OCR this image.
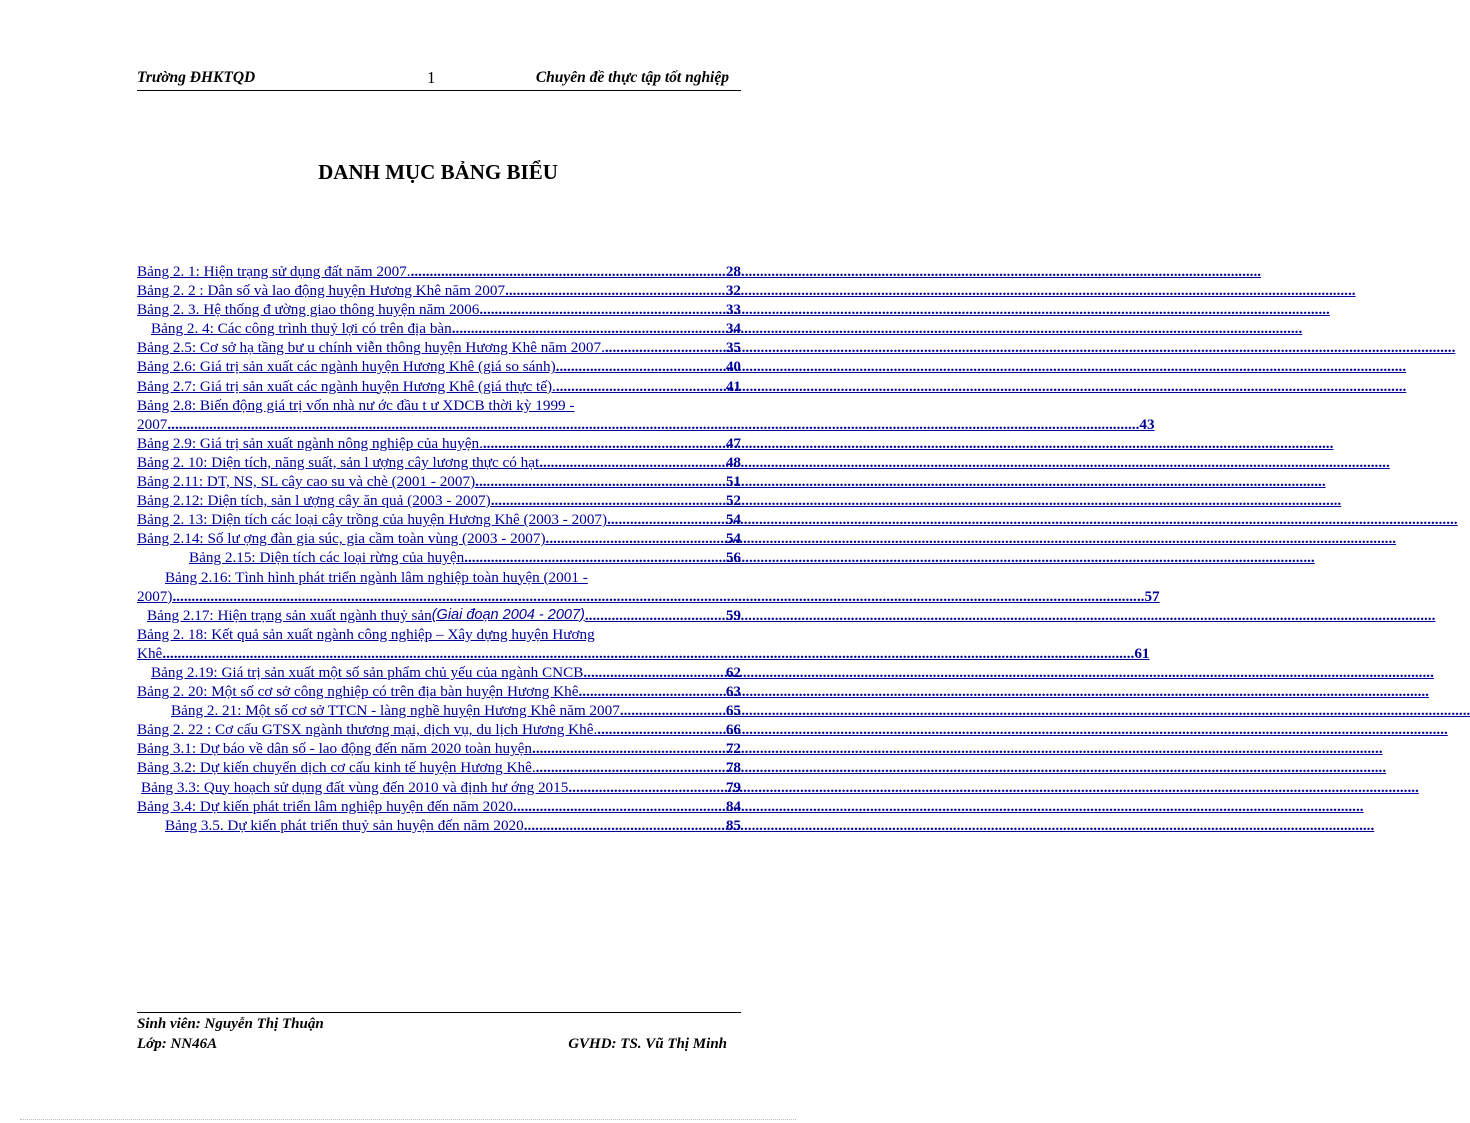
Trường ĐHKTQD	1	Chuyên đề thực tập tốt nghiệp
DANH MỤC BẢNG BIỂU
Bảng 2. 1: Hiện trạng sử dụng đất năm 2007. .....	28
Bảng 2. 2 : Dân số và lao động huyện Hương Khê năm 2007 .....	32
Bảng 2. 3. Hệ thống đ ường giao thông huyện năm 2006 .....	33
Bảng 2. 4: Các công trình thuỷ lợi có trên địa bàn .....	34
Bảng 2.5: Cơ sở hạ tầng bư u chính viễn thông huyện Hương Khê năm 2007. .....	35
Bảng 2.6: Giá trị sản xuất các ngành huyện Hương Khê (giá so sánh) .....	40
Bảng 2.7: Giá trị sản xuất các ngành huyện Hương Khê (giá thực tế). .....	41
Bảng 2.8: Biến động giá trị vốn nhà nư ớc đầu t ư XDCB thời kỳ 1999 -
2007 .....	43
Bảng 2.9: Giá trị sản xuất ngành nông nghiệp của huyện. .....	47
Bảng 2. 10: Diện tích, năng suất, sản l ượng cây lương thực có hạt .....	48
Bảng 2.11: DT, NS, SL cây cao su và chè (2001 - 2007) .....	51
Bảng 2.12: Diện tích, sản l ượng cây ăn quả (2003 - 2007) .....	52
Bảng 2. 13: Diện tích các loại cây trồng của huyện Hương Khê (2003 - 2007) .....	54
Bảng 2.14: Số lư ợng đàn gia súc, gia cầm toàn vùng (2003 - 2007) .....	54
Bảng 2.15: Diện tích các loại rừng của huyện .....	56
Bảng 2.16: Tình hình phát triển ngành lâm nghiệp toàn huyện (2001 -
2007) .....	57
Bảng 2.17: Hiện trạng sản xuất ngành thuỷ sản (Giai đoạn 2004 - 2007) .....	59
Bảng 2. 18: Kết quả sản xuất ngành công nghiệp – Xây dựng huyện Hương
Khê .....	61
Bảng 2.19: Giá trị sản xuất một số sản phẩm chủ yếu của ngành CNCB .....	62
Bảng 2. 20: Một số cơ sở công nghiệp có trên địa bàn huyện Hương Khê .....	63
Bảng 2. 21: Một số cơ sở TTCN - làng nghề huyện Hương Khê năm 2007 .....	65
Bảng 2. 22 : Cơ cấu GTSX ngành thương mại, dịch vụ, du lịch Hương Khê. .....	66
Bảng 3.1: Dự báo về dân số - lao động đến năm 2020 toàn huyện .....	72
Bảng 3.2: Dự kiến chuyển dịch cơ cấu kinh tế huyện Hương Khê. .....	78
Bảng 3.3: Quy hoạch sử dụng đất vùng đến 2010 và định hư ớng 2015 .....	79
Bảng 3.4: Dự kiến phát triển lâm nghiệp huyện đến năm 2020 .....	84
Bảng 3.5. Dự kiến phát triển thuỷ sản huyện đến năm 2020 .....	85
Sinh viên: Nguyễn Thị Thuận
Lớp: NN46A	GVHD: TS. Vũ Thị Minh
